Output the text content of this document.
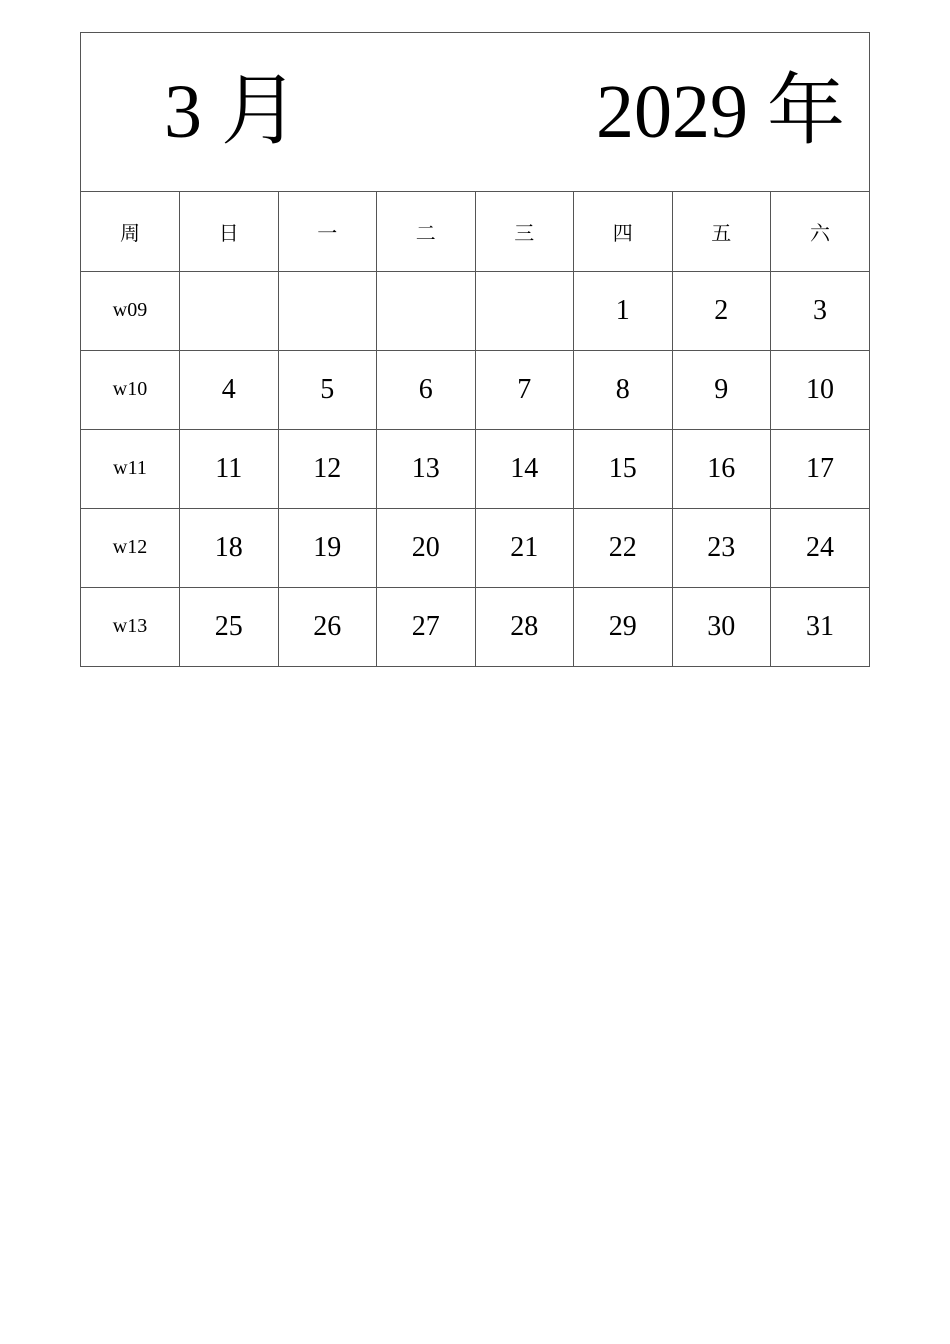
3 月	2029 年
周	日	一	二	三	四	五	六
w09					1	2	3
w10	4	5	6	7	8	9	10
w11	11	12	13	14	15	16	17
w12	18	19	20	21	22	23	24
w13	25	26	27	28	29	30	31
